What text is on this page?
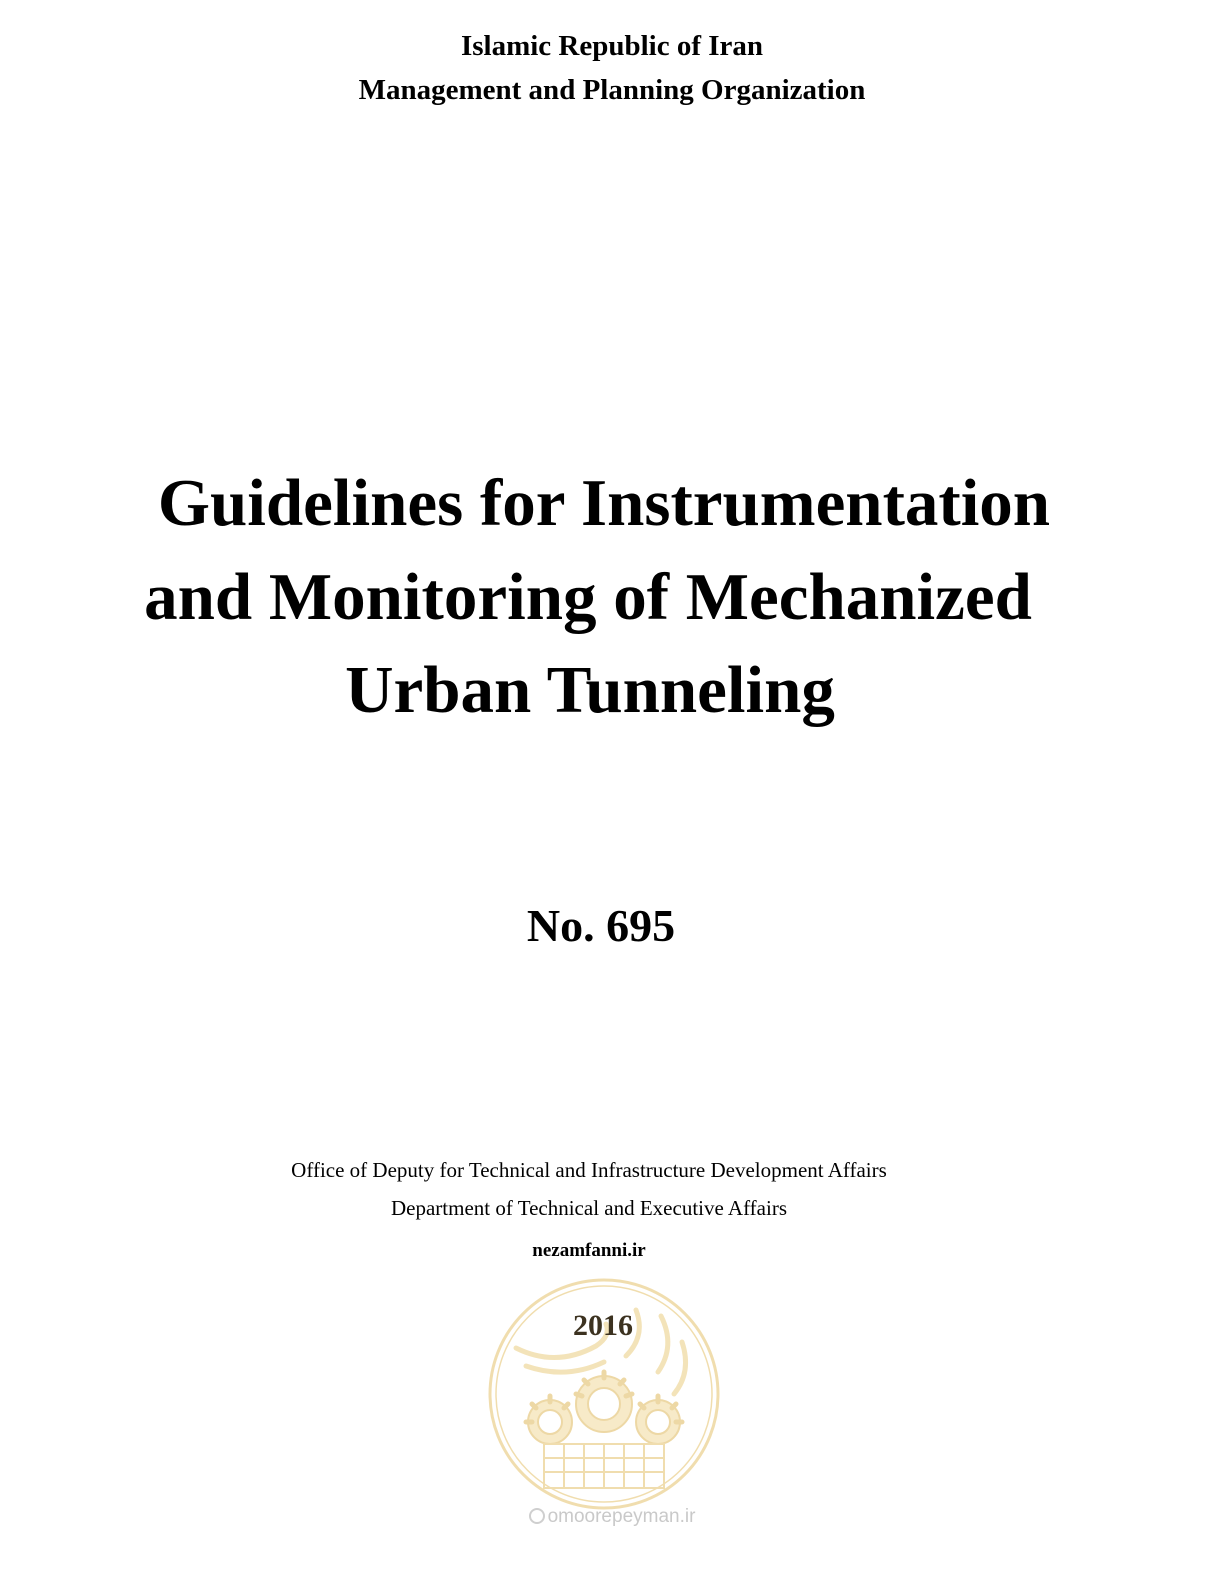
Islamic Republic of Iran
Management and Planning Organization
Guidelines for Instrumentation
and Monitoring of Mechanized
Urban Tunneling
No. 695
Office of Deputy for Technical and Infrastructure Development Affairs
Department of Technical and Executive Affairs
nezamfanni.ir
2016
omoorepeyman.ir
